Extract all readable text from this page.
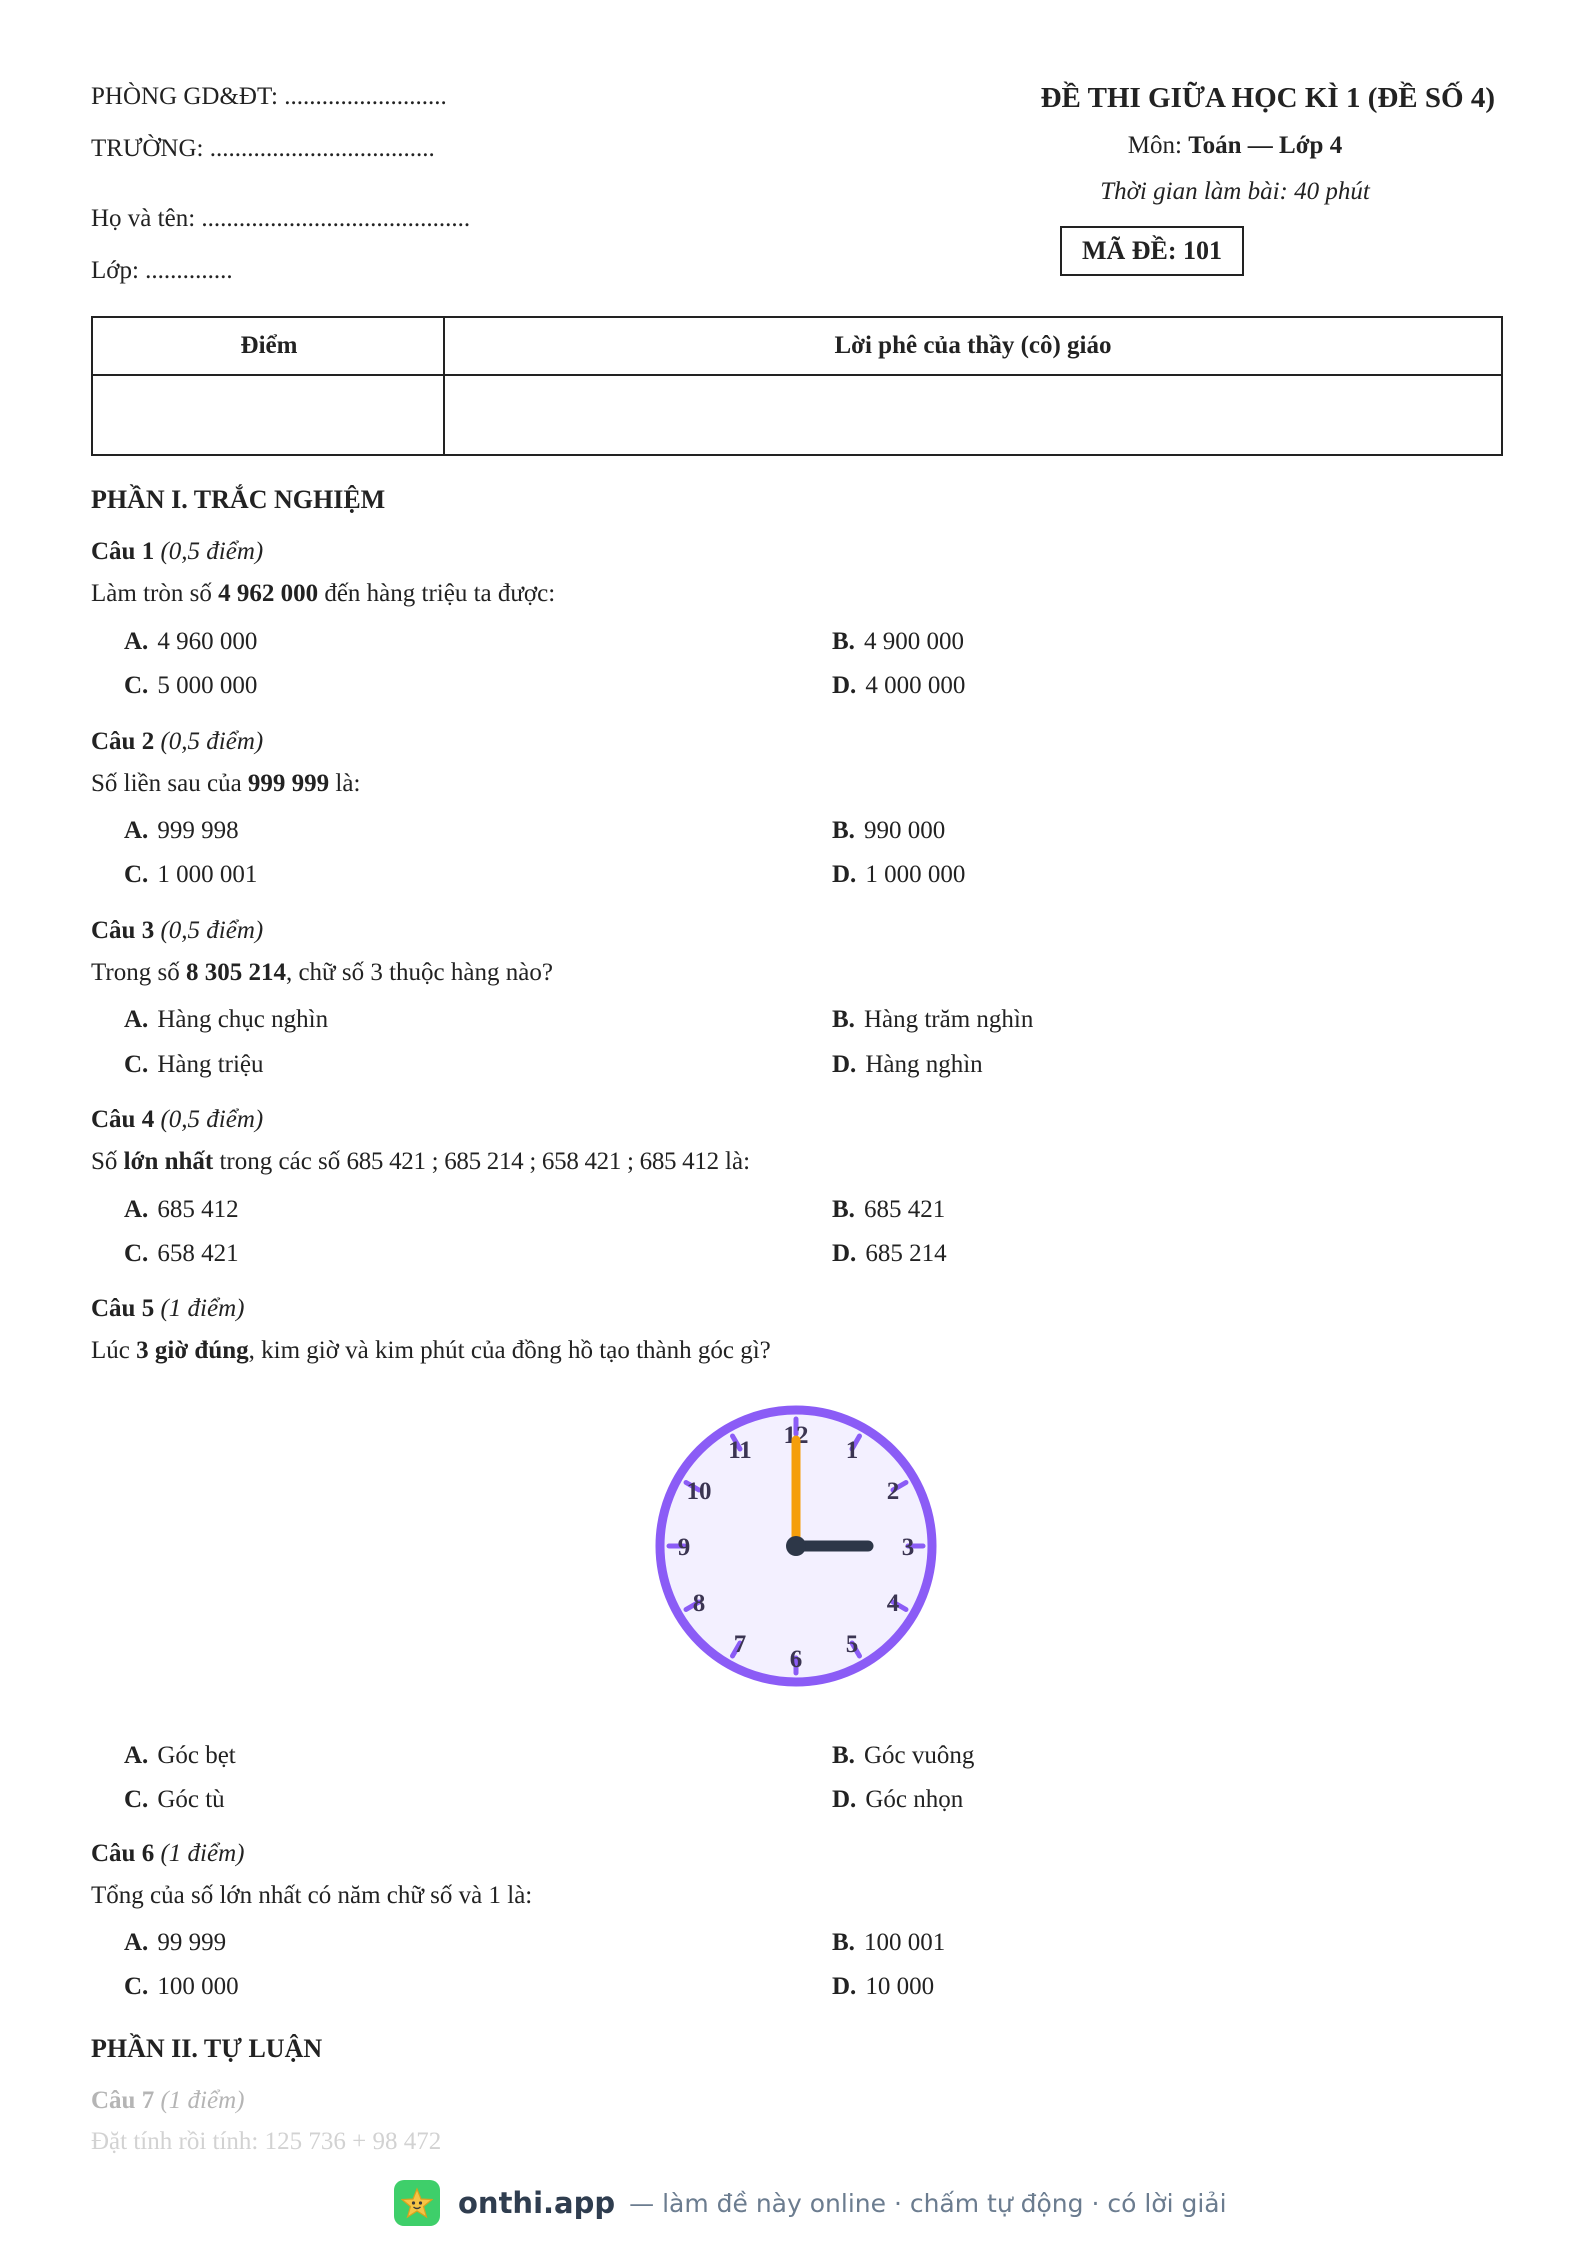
PHÒNG GD&ĐT: ..........................
TRƯỜNG: ....................................
Họ và tên: ...........................................
Lớp: ..............
ĐỀ THI GIỮA HỌC KÌ 1 (ĐỀ SỐ 4)
Môn: Toán — Lớp 4
Thời gian làm bài: 40 phút
MÃ ĐỀ: 101
Điểm	Lời phê của thầy (cô) giáo
PHẦN I. TRẮC NGHIỆM
Câu 1 (0,5 điểm)
Làm tròn số 4 962 000 đến hàng triệu ta được:
A. 4 960 000	B. 4 900 000
C. 5 000 000	D. 4 000 000
Câu 2 (0,5 điểm)
Số liền sau của 999 999 là:
A. 999 998	B. 990 000
C. 1 000 001	D. 1 000 000
Câu 3 (0,5 điểm)
Trong số 8 305 214, chữ số 3 thuộc hàng nào?
A. Hàng chục nghìn	B. Hàng trăm nghìn
C. Hàng triệu	D. Hàng nghìn
Câu 4 (0,5 điểm)
Số lớn nhất trong các số 685 421 ; 685 214 ; 658 421 ; 685 412 là:
A. 685 412	B. 685 421
C. 658 421	D. 685 214
Câu 5 (1 điểm)
Lúc 3 giờ đúng, kim giờ và kim phút của đồng hồ tạo thành góc gì?
12
1
2
3
4
5
6
7
8
9
10
11
A. Góc bẹt	B. Góc vuông
C. Góc tù	D. Góc nhọn
Câu 6 (1 điểm)
Tổng của số lớn nhất có năm chữ số và 1 là:
A. 99 999	B. 100 001
C. 100 000	D. 10 000
PHẦN II. TỰ LUẬN
Câu 7 (1 điểm)
Đặt tính rồi tính: 125 736 + 98 472
onthi.app — làm đề này online · chấm tự động · có lời giải
